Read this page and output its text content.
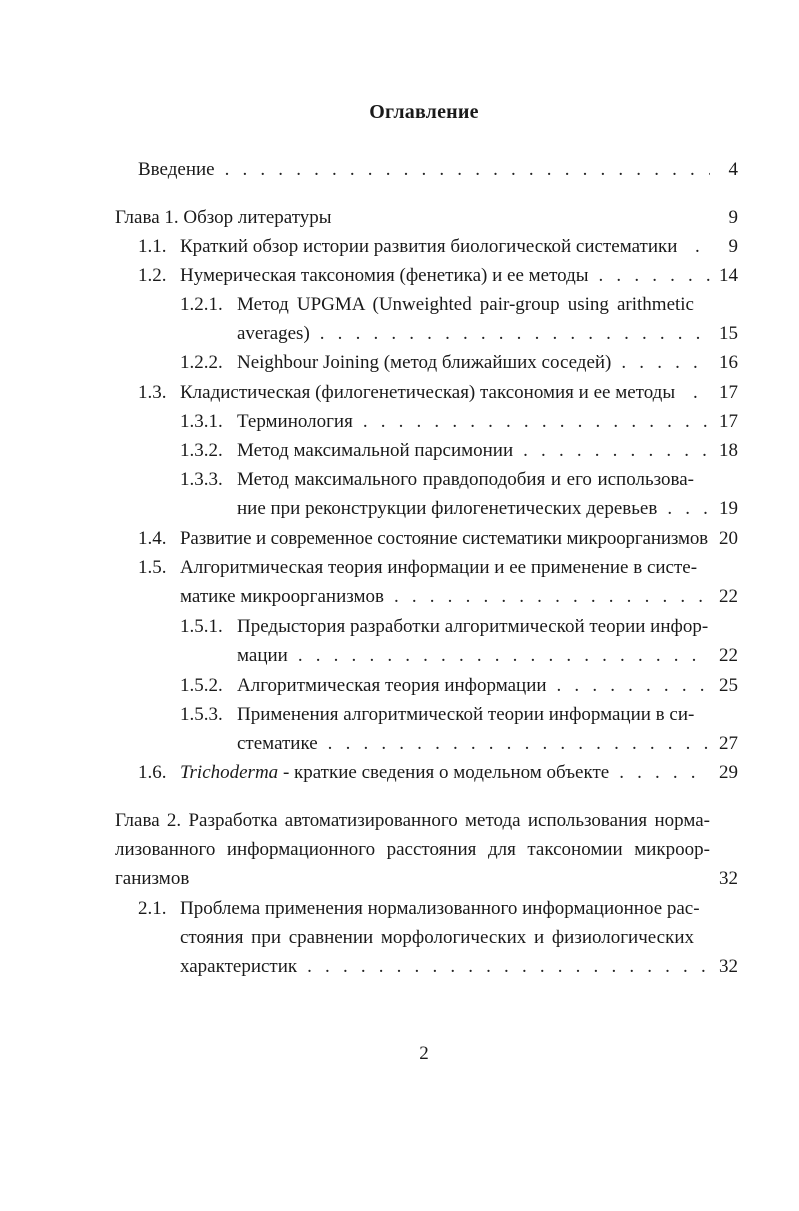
Оглавление
Введение . . .	4
Глава 1. Обзор литературы	9
1.1. Краткий обзор истории развития биологической систематики .	9
1.2. Нумерическая таксономия (фенетика) и ее методы . . .	14
1.2.1. Метод UPGMA (Unweighted pair-group using arithmetic
averages) . . .	15
1.2.2. Neighbour Joining (метод ближайших соседей) . . .	16
1.3. Кладистическая (филогенетическая) таксономия и ее методы . 17
1.3.1. Терминология . . .	17
1.3.2. Метод максимальной парсимонии . . .	18
1.3.3. Метод максимального правдоподобия и его использова-
ние при реконструкции филогенетических деревьев . . .	19
1.4. Развитие и современное состояние систематики микроорганизмов 20
1.5. Алгоритмическая теория информации и ее применение в систе-
матике микроорганизмов . . .	22
1.5.1. Предыстория разработки алгоритмической теории инфор-
мации . . .	22
1.5.2. Алгоритмическая теория информации . . .	25
1.5.3. Применения алгоритмической теории информации в си-
стематике . . .	27
1.6. Trichoderma - краткие сведения о модельном объекте . . .	29
Глава 2. Разработка автоматизированного метода использования норма-
лизованного информационного расстояния для таксономии микроор-
ганизмов	32
2.1. Проблема применения нормализованного информационное рас-
стояния при сравнении морфологических и физиологических
характеристик . . .	32
2
